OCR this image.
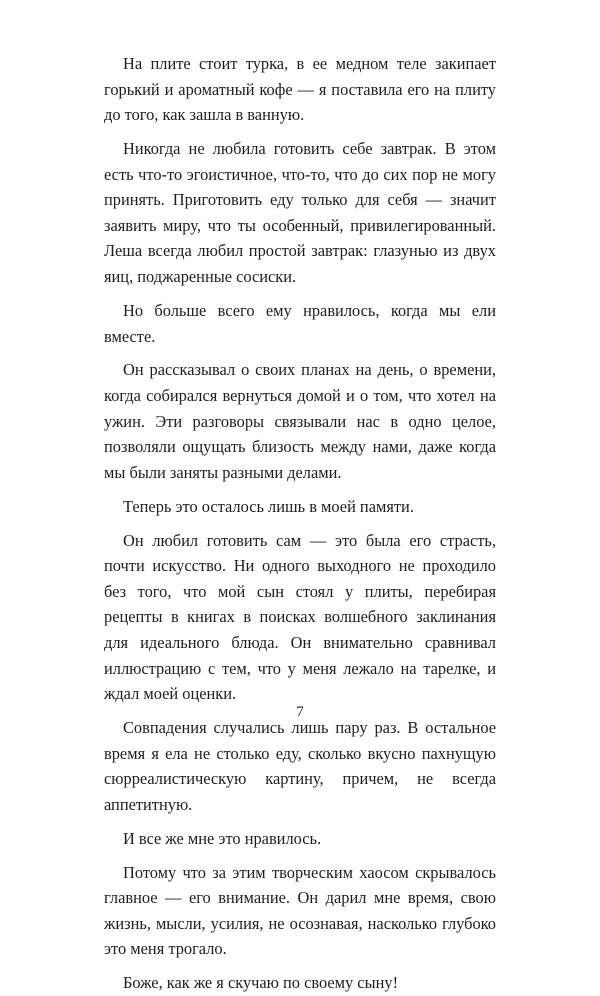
На плите стоит турка, в ее медном теле закипает горький и ароматный кофе — я поставила его на плиту до того, как зашла в ванную.

Никогда не любила готовить себе завтрак. В этом есть что-то эгоистичное, что-то, что до сих пор не могу принять. Приготовить еду только для себя — значит заявить миру, что ты особенный, привилегированный. Леша всегда любил простой завтрак: глазунью из двух яиц, поджаренные сосиски.

Но больше всего ему нравилось, когда мы ели вместе.

Он рассказывал о своих планах на день, о времени, когда собирался вернуться домой и о том, что хотел на ужин. Эти разговоры связывали нас в одно целое, позволяли ощущать близость между нами, даже когда мы были заняты разными делами.

Теперь это осталось лишь в моей памяти.

Он любил готовить сам — это была его страсть, почти искусство. Ни одного выходного не проходило без того, что мой сын стоял у плиты, перебирая рецепты в книгах в поисках волшебного заклинания для идеального блюда. Он внимательно сравнивал иллюстрацию с тем, что у меня лежало на тарелке, и ждал моей оценки.

Совпадения случались лишь пару раз. В остальное время я ела не столько еду, сколько вкусно пахнущую сюрреалистическую картину, причем, не всегда аппетитную.

И все же мне это нравилось.

Потому что за этим творческим хаосом скрывалось главное — его внимание. Он дарил мне время, свою жизнь, мысли, усилия, не осознавая, насколько глубоко это меня трогало.

Боже, как же я скучаю по своему сыну!

7
